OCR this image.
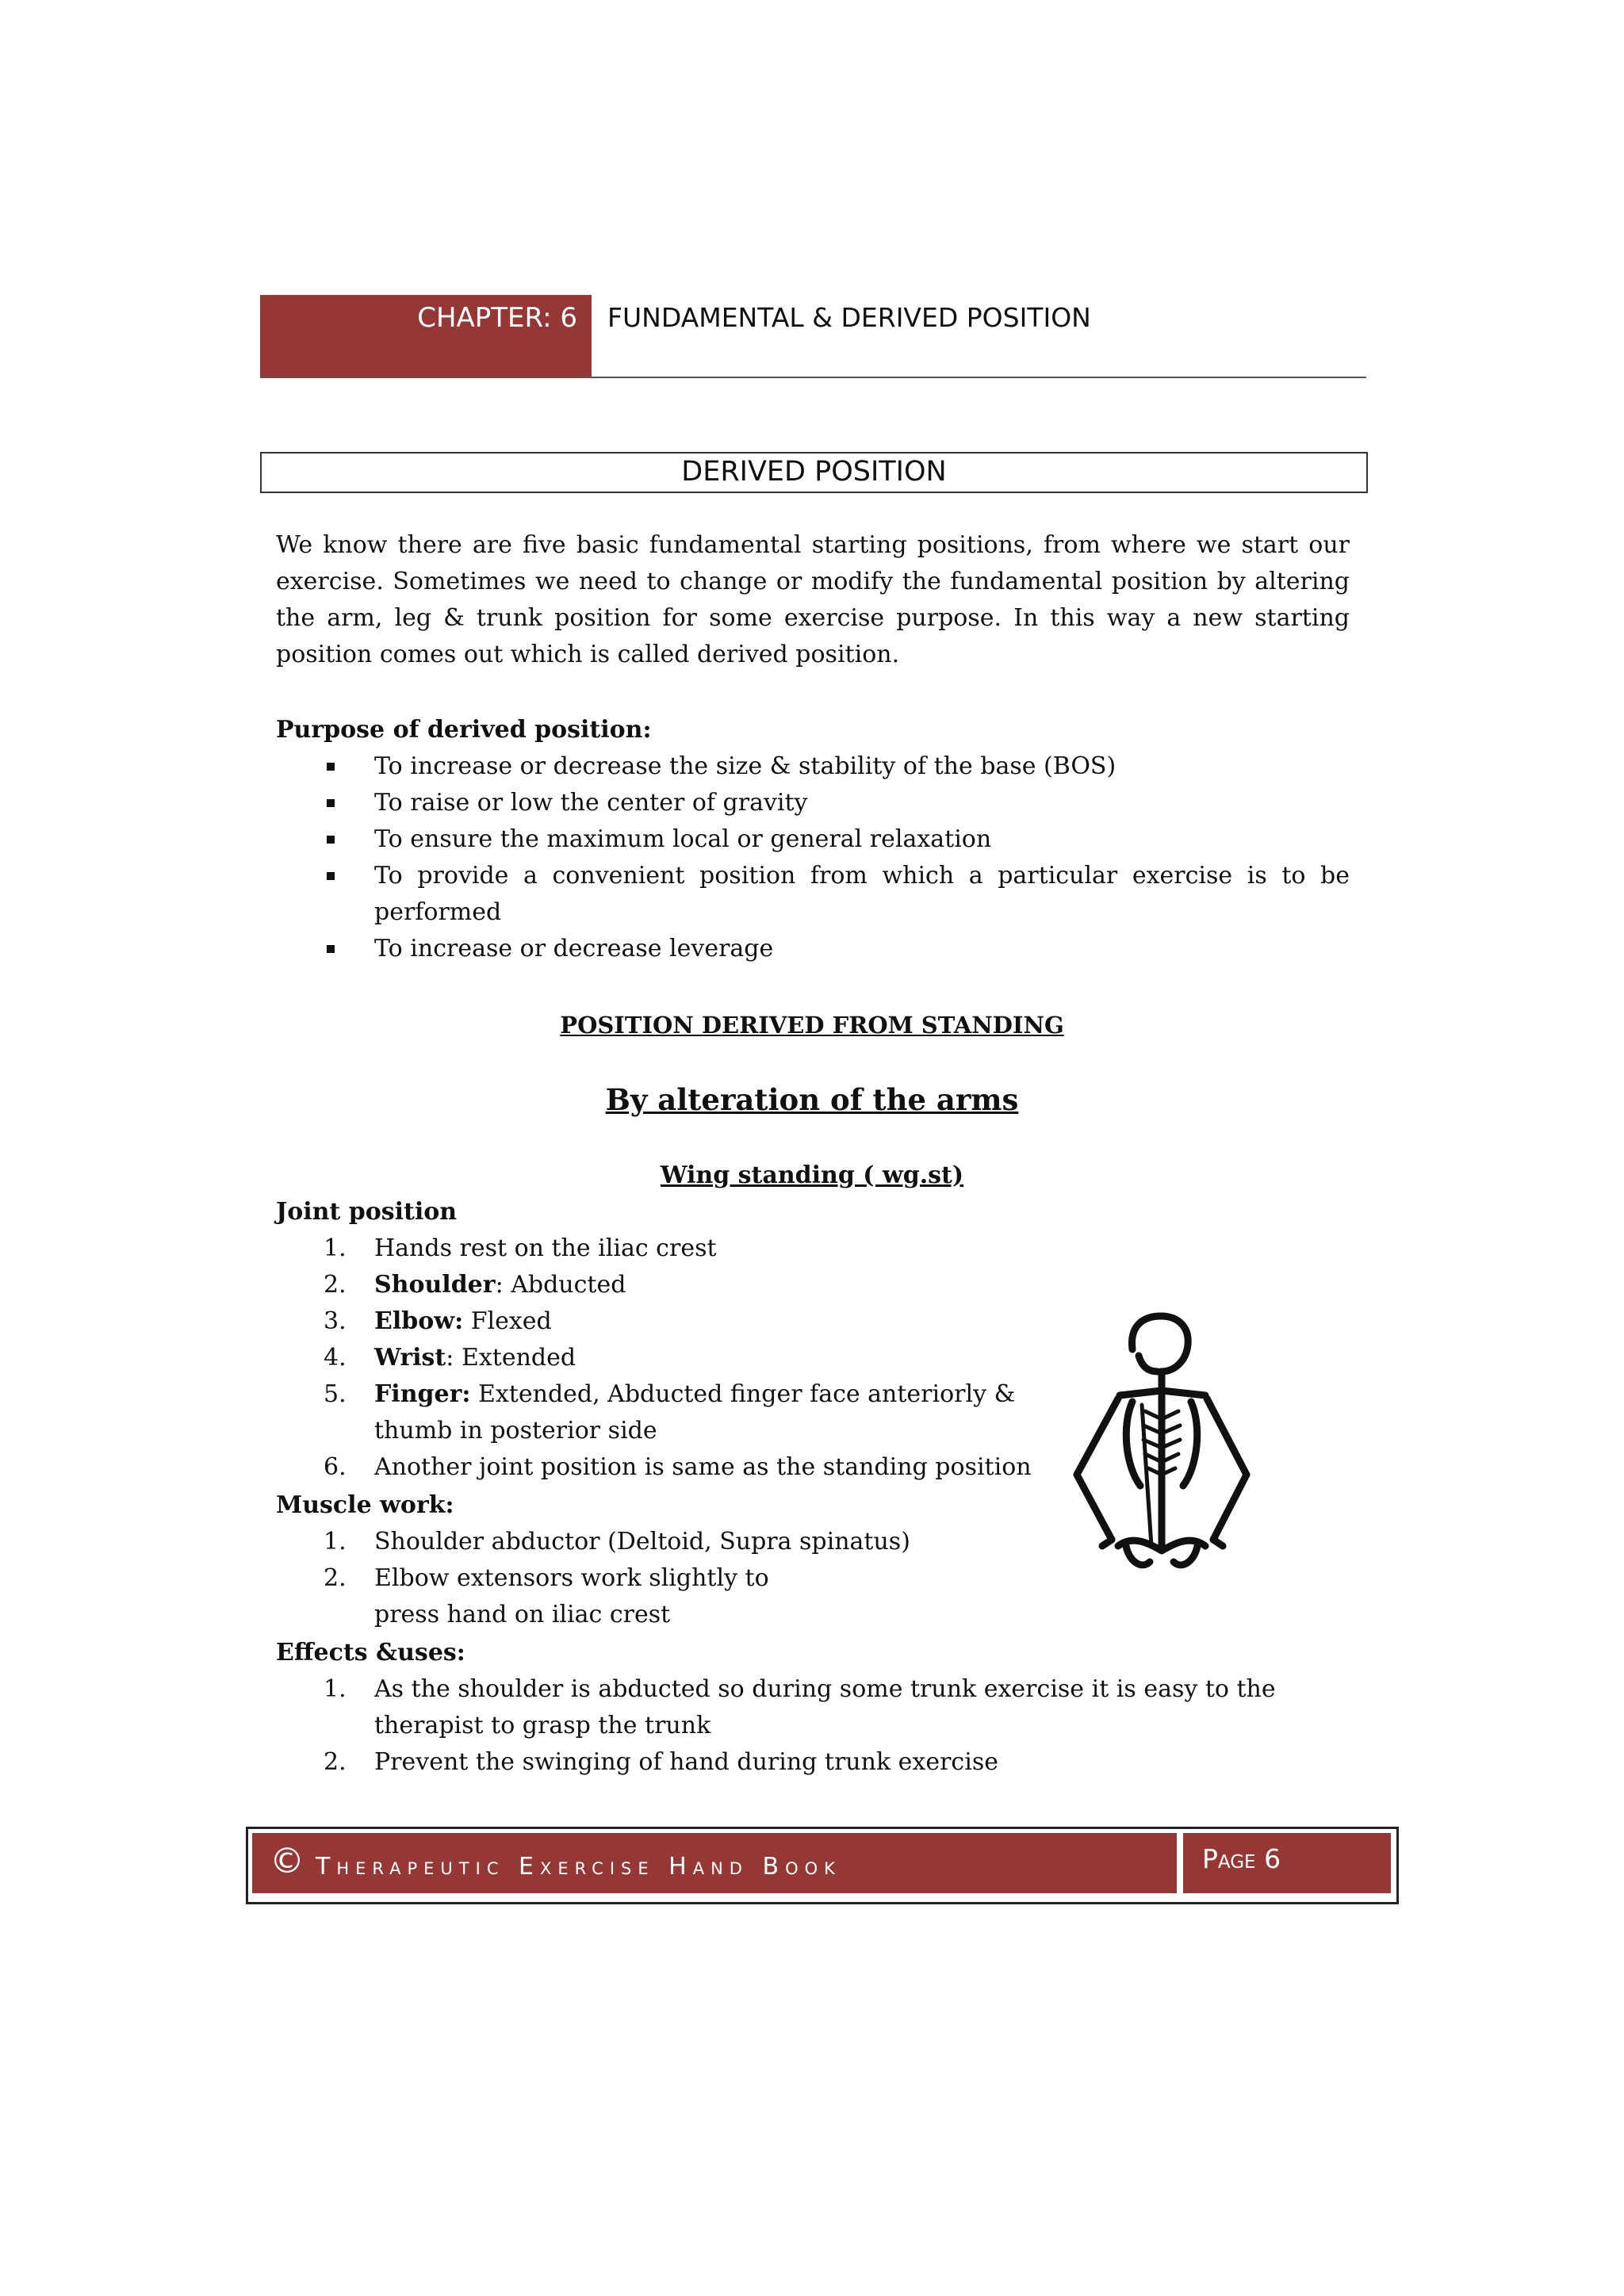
CHAPTER: 6 FUNDAMENTAL & DERIVED POSITION
DERIVED POSITION

We know there are five basic fundamental starting positions, from where we start our exercise. Sometimes we need to change or modify the fundamental position by altering the arm, leg & trunk position for some exercise purpose. In this way a new starting position comes out which is called derived position.

Purpose of derived position:
To increase or decrease the size & stability of the base (BOS)
To raise or low the center of gravity
To ensure the maximum local or general relaxation
To provide a convenient position from which a particular exercise is to be performed
To increase or decrease leverage
POSITION DERIVED FROM STANDING
By alteration of the arms
Wing standing ( wg.st)
Joint position
1. Hands rest on the iliac crest
2. Shoulder: Abducted
3. Elbow: Flexed
4. Wrist: Extended
5. Finger: Extended, Abducted finger face anteriorly & thumb in posterior side
6. Another joint position is same as the standing position
Muscle work:
1. Shoulder abductor (Deltoid, Supra spinatus)
2. Elbow extensors work slightly to press hand on iliac crest
Effects &uses:
1. As the shoulder is abducted so during some trunk exercise it is easy to the therapist to grasp the trunk
2. Prevent the swinging of hand during trunk exercise
© Therapeutic Exercise Hand Book	Page 6
